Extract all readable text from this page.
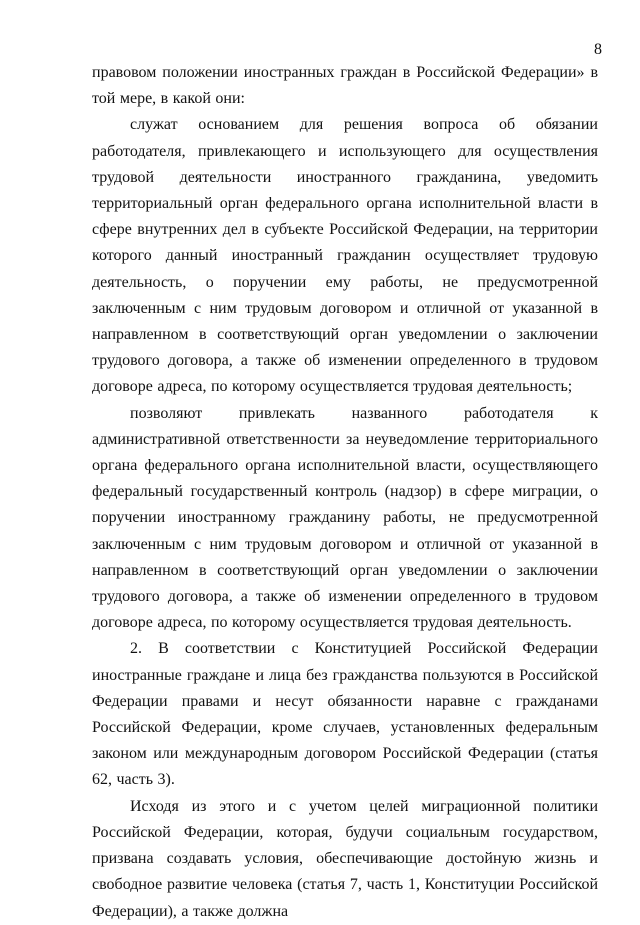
8

правовом положении иностранных граждан в Российской Федерации» в той мере, в какой они:

служат основанием для решения вопроса об обязании работодателя, привлекающего и использующего для осуществления трудовой деятельности иностранного гражданина, уведомить территориальный орган федерального органа исполнительной власти в сфере внутренних дел в субъекте Российской Федерации, на территории которого данный иностранный гражданин осуществляет трудовую деятельность, о поручении ему работы, не предусмотренной заключенным с ним трудовым договором и отличной от указанной в направленном в соответствующий орган уведомлении о заключении трудового договора, а также об изменении определенного в трудовом договоре адреса, по которому осуществляется трудовая деятельность;

позволяют привлекать названного работодателя к административной ответственности за неуведомление территориального органа федерального органа исполнительной власти, осуществляющего федеральный государственный контроль (надзор) в сфере миграции, о поручении иностранному гражданину работы, не предусмотренной заключенным с ним трудовым договором и отличной от указанной в направленном в соответствующий орган уведомлении о заключении трудового договора, а также об изменении определенного в трудовом договоре адреса, по которому осуществляется трудовая деятельность.

2. В соответствии с Конституцией Российской Федерации иностранные граждане и лица без гражданства пользуются в Российской Федерации правами и несут обязанности наравне с гражданами Российской Федерации, кроме случаев, установленных федеральным законом или международным договором Российской Федерации (статья 62, часть 3).

Исходя из этого и с учетом целей миграционной политики Российской Федерации, которая, будучи социальным государством, призвана создавать условия, обеспечивающие достойную жизнь и свободное развитие человека (статья 7, часть 1, Конституции Российской Федерации), а также должна
